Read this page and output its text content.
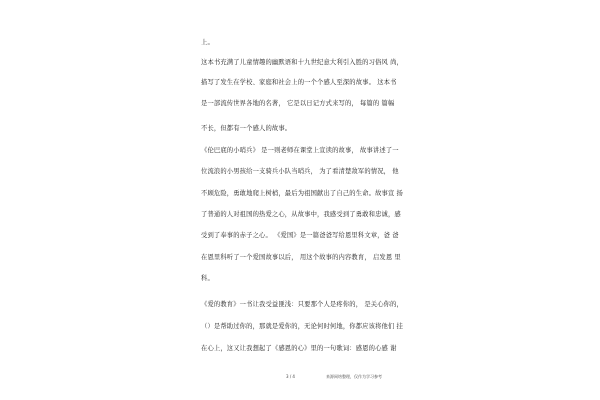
上。
这本书充满了儿童情趣的幽默语和十九世纪意大利引入胜的习俗风 尚，
描写了发生在学校、家庭和社会上的一个个感人至深的故事。 这本书
是一部流传世界各地的名著， 它是以日记方式来写的， 每篇的 篇幅
不长，但都有一个感人的故事。
《伦巴底的小哨兵》 是一则老师在课堂上宣读的故事， 故事讲述了一
位流浪的小男孩给一支骑兵小队当哨兵， 为了看清楚敌军的情况， 他
不顾危险，勇敢地爬上树梢，最后为祖国献出了自己的生命。故事宣 扬
了普通的人对祖国的热爱之心，从故事中，我感受到了勇敢和忠诚，感
受到了奉事的赤子之心。 《爱国》是一篇爸爸写给恩里科文章，爸 爸
在恩里科听了一个爱国故事以后， 用这个故事的内容教育， 启发恩 里
科。
《爱的教育》一书让我受益匪浅：只要那个人是疼你的， 是关心你的，
（）是帮助过你的，那就是爱你的，无论何时何地，你都应该将他们 挂
在心上，这又让我想起了《感恩的心》里的一句歌词：感恩的心感 谢
3 / 4	来源网络整理，仅作为学习参考
